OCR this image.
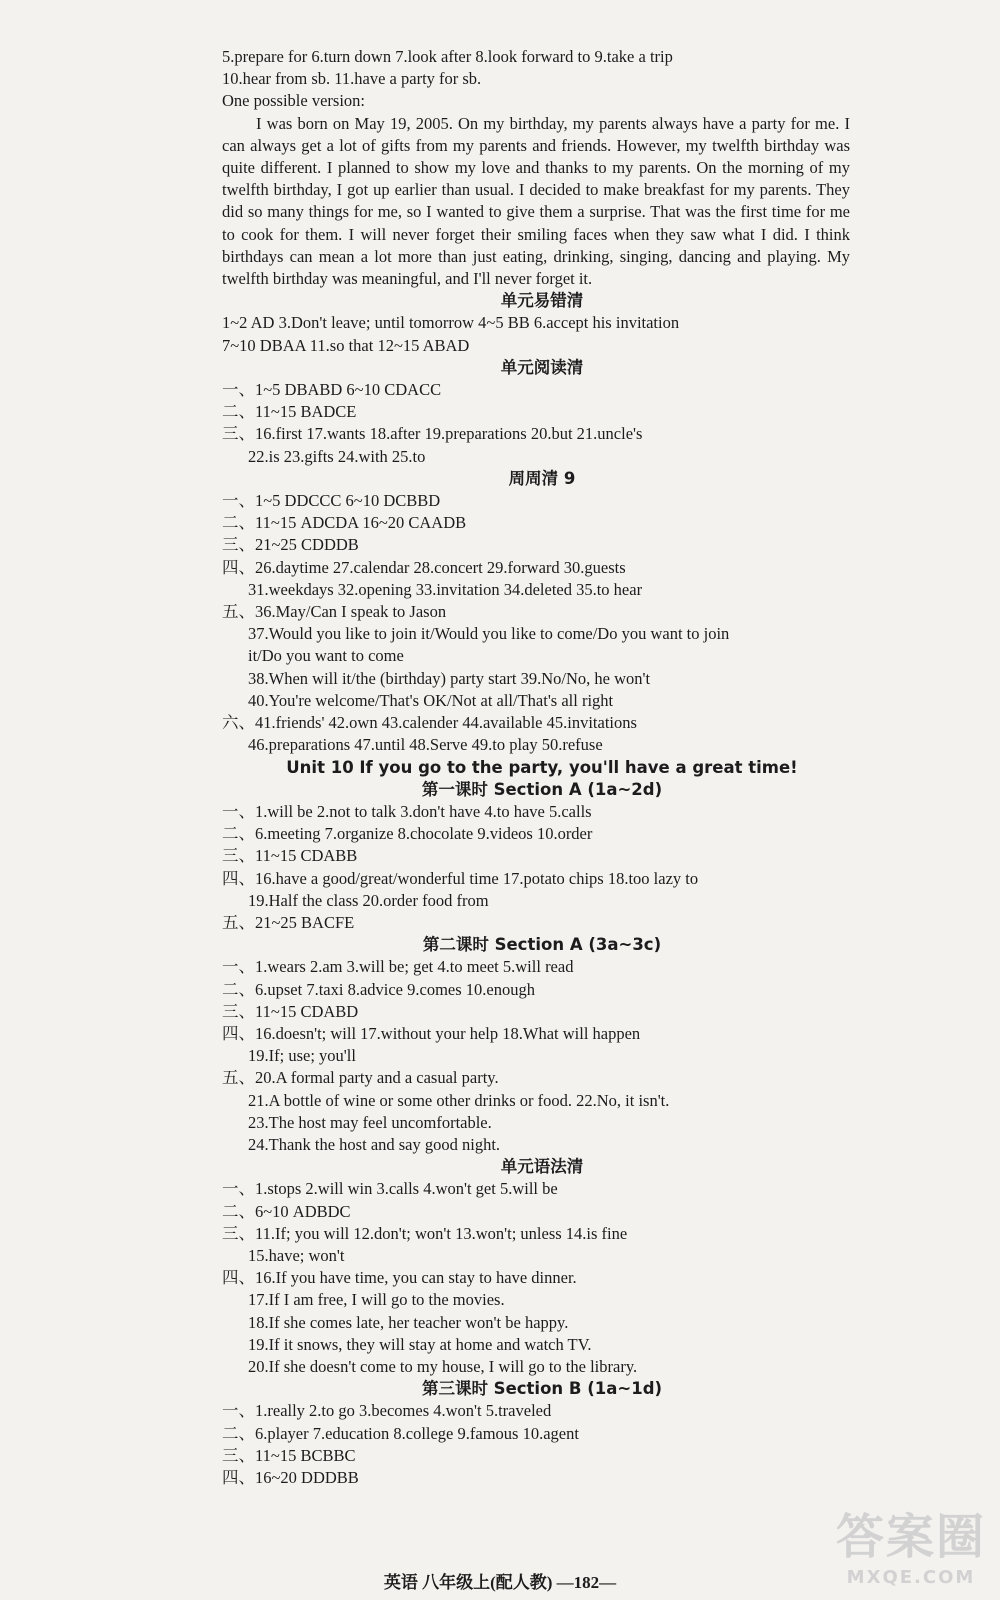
5.prepare for 6.turn down 7.look after 8.look forward to 9.take a trip
10.hear from sb. 11.have a party for sb.
One possible version:
I was born on May 19, 2005. On my birthday, my parents always have a party for me. I can always get a lot of gifts from my parents and friends. However, my twelfth birthday was quite different. I planned to show my love and thanks to my parents. On the morning of my twelfth birthday, I got up earlier than usual. I decided to make breakfast for my parents. They did so many things for me, so I wanted to give them a surprise. That was the first time for me to cook for them. I will never forget their smiling faces when they saw what I did. I think birthdays can mean a lot more than just eating, drinking, singing, dancing and playing. My twelfth birthday was meaningful, and I'll never forget it.
单元易错清
1~2 AD 3.Don't leave; until tomorrow 4~5 BB 6.accept his invitation
7~10 DBAA 11.so that 12~15 ABAD
单元阅读清
一、1~5 DBABD 6~10 CDACC
二、11~15 BADCE
三、16.first 17.wants 18.after 19.preparations 20.but 21.uncle's
22.is 23.gifts 24.with 25.to
周周清 9
一、1~5 DDCCC 6~10 DCBBD
二、11~15 ADCDA 16~20 CAADB
三、21~25 CDDDB
四、26.daytime 27.calendar 28.concert 29.forward 30.guests
31.weekdays 32.opening 33.invitation 34.deleted 35.to hear
五、36.May/Can I speak to Jason
37.Would you like to join it/Would you like to come/Do you want to join
it/Do you want to come
38.When will it/the (birthday) party start 39.No/No, he won't
40.You're welcome/That's OK/Not at all/That's all right
六、41.friends' 42.own 43.calender 44.available 45.invitations
46.preparations 47.until 48.Serve 49.to play 50.refuse
Unit 10 If you go to the party, you'll have a great time!
第一课时 Section A (1a~2d)
一、1.will be 2.not to talk 3.don't have 4.to have 5.calls
二、6.meeting 7.organize 8.chocolate 9.videos 10.order
三、11~15 CDABB
四、16.have a good/great/wonderful time 17.potato chips 18.too lazy to
19.Half the class 20.order food from
五、21~25 BACFE
第二课时 Section A (3a~3c)
一、1.wears 2.am 3.will be; get 4.to meet 5.will read
二、6.upset 7.taxi 8.advice 9.comes 10.enough
三、11~15 CDABD
四、16.doesn't; will 17.without your help 18.What will happen
19.If; use; you'll
五、20.A formal party and a casual party.
21.A bottle of wine or some other drinks or food. 22.No, it isn't.
23.The host may feel uncomfortable.
24.Thank the host and say good night.
单元语法清
一、1.stops 2.will win 3.calls 4.won't get 5.will be
二、6~10 ADBDC
三、11.If; you will 12.don't; won't 13.won't; unless 14.is fine
15.have; won't
四、16.If you have time, you can stay to have dinner.
17.If I am free, I will go to the movies.
18.If she comes late, her teacher won't be happy.
19.If it snows, they will stay at home and watch TV.
20.If she doesn't come to my house, I will go to the library.
第三课时 Section B (1a~1d)
一、1.really 2.to go 3.becomes 4.won't 5.traveled
二、6.player 7.education 8.college 9.famous 10.agent
三、11~15 BCBBC
四、16~20 DDDBB
英语 八年级上(配人教) —182—
答案圈
MXQE.COM
